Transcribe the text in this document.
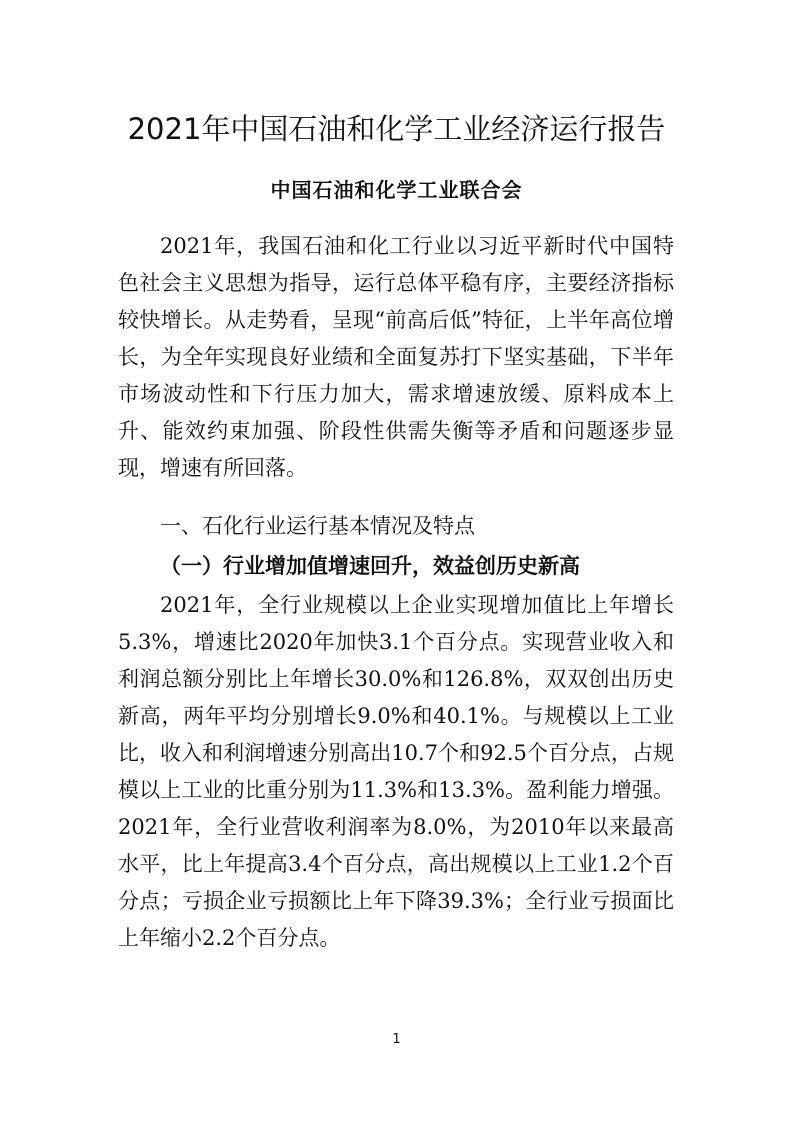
2021年中国石油和化学工业经济运行报告
中国石油和化学工业联合会

2021年，我国石油和化工行业以习近平新时代中国特色社会主义思想为指导，运行总体平稳有序，主要经济指标较快增长。从走势看，呈现“前高后低”特征，上半年高位增长，为全年实现良好业绩和全面复苏打下坚实基础，下半年市场波动性和下行压力加大，需求增速放缓、原料成本上升、能效约束加强、阶段性供需失衡等矛盾和问题逐步显现，增速有所回落。

一、石化行业运行基本情况及特点

（一）行业增加值增速回升，效益创历史新高

2021年，全行业规模以上企业实现增加值比上年增长5.3%，增速比2020年加快3.1个百分点。实现营业收入和利润总额分别比上年增长30.0%和126.8%，双双创出历史新高，两年平均分别增长9.0%和40.1%。与规模以上工业比，收入和利润增速分别高出10.7个和92.5个百分点，占规模以上工业的比重分别为11.3%和13.3%。盈利能力增强。2021年，全行业营收利润率为8.0%，为2010年以来最高水平，比上年提高3.4个百分点，高出规模以上工业1.2个百分点；亏损企业亏损额比上年下降39.3%；全行业亏损面比上年缩小2.2个百分点。

1
